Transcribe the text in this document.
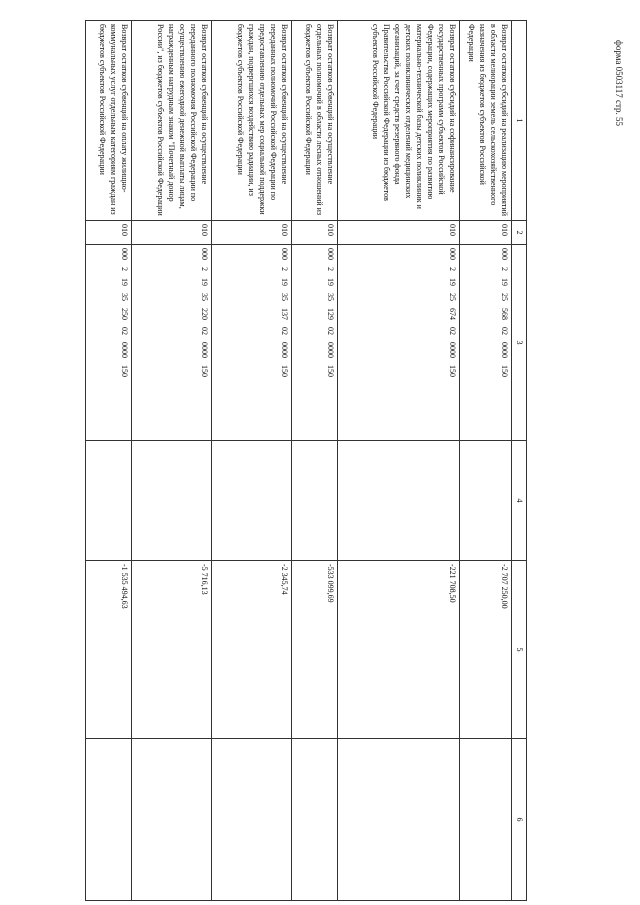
форма 0503117 стр. 55
1	2	3	4	5	6
Возврат остатков субсидий на реализацию мероприятий в области мелиорации земель сельскохозяйственного назначения из бюджетов субъектов Российской Федерации	010	000 2 19 25 568 02 0000 150		-2 707 250,00	
Возврат остатков субсидий на софинансирование государственных программ субъектов Российской Федерации, содержащих мероприятия по развитию материально-технической базы детских поликлиник и детских поликлинических отделений медицинских организаций, за счет средств резервного фонда Правительства Российской Федерации из бюджетов субъектов Российской Федерации	010	000 2 19 25 674 02 0000 150		-221 708,50	
Возврат остатков субвенций на осуществление отдельных полномочий в области лесных отношений из бюджетов субъектов Российской Федерации	010	000 2 19 35 129 02 0000 150		-533 099,69	
Возврат остатков субвенций на осуществление переданных полномочий Российской Федерации по предоставлению отдельных мер социальной поддержки граждан, подвергшихся воздействию радиации, из бюджетов субъектов Российской Федерации	010	000 2 19 35 137 02 0000 150		-2 345,74	
Возврат остатков субвенций на осуществление переданного полномочия Российской Федерации по осуществлению ежегодной денежной выплаты лицам, награжденным нагрудным знаком "Почетный донор России", из бюджетов субъектов Российской Федерации	010	000 2 19 35 220 02 0000 150		-5 716,13	
Возврат остатков субвенций на оплату жилищно-коммунальных услуг отдельным категориям граждан из бюджетов субъектов Российской Федерации	010	000 2 19 35 250 02 0000 150		-1 535 494,63	
